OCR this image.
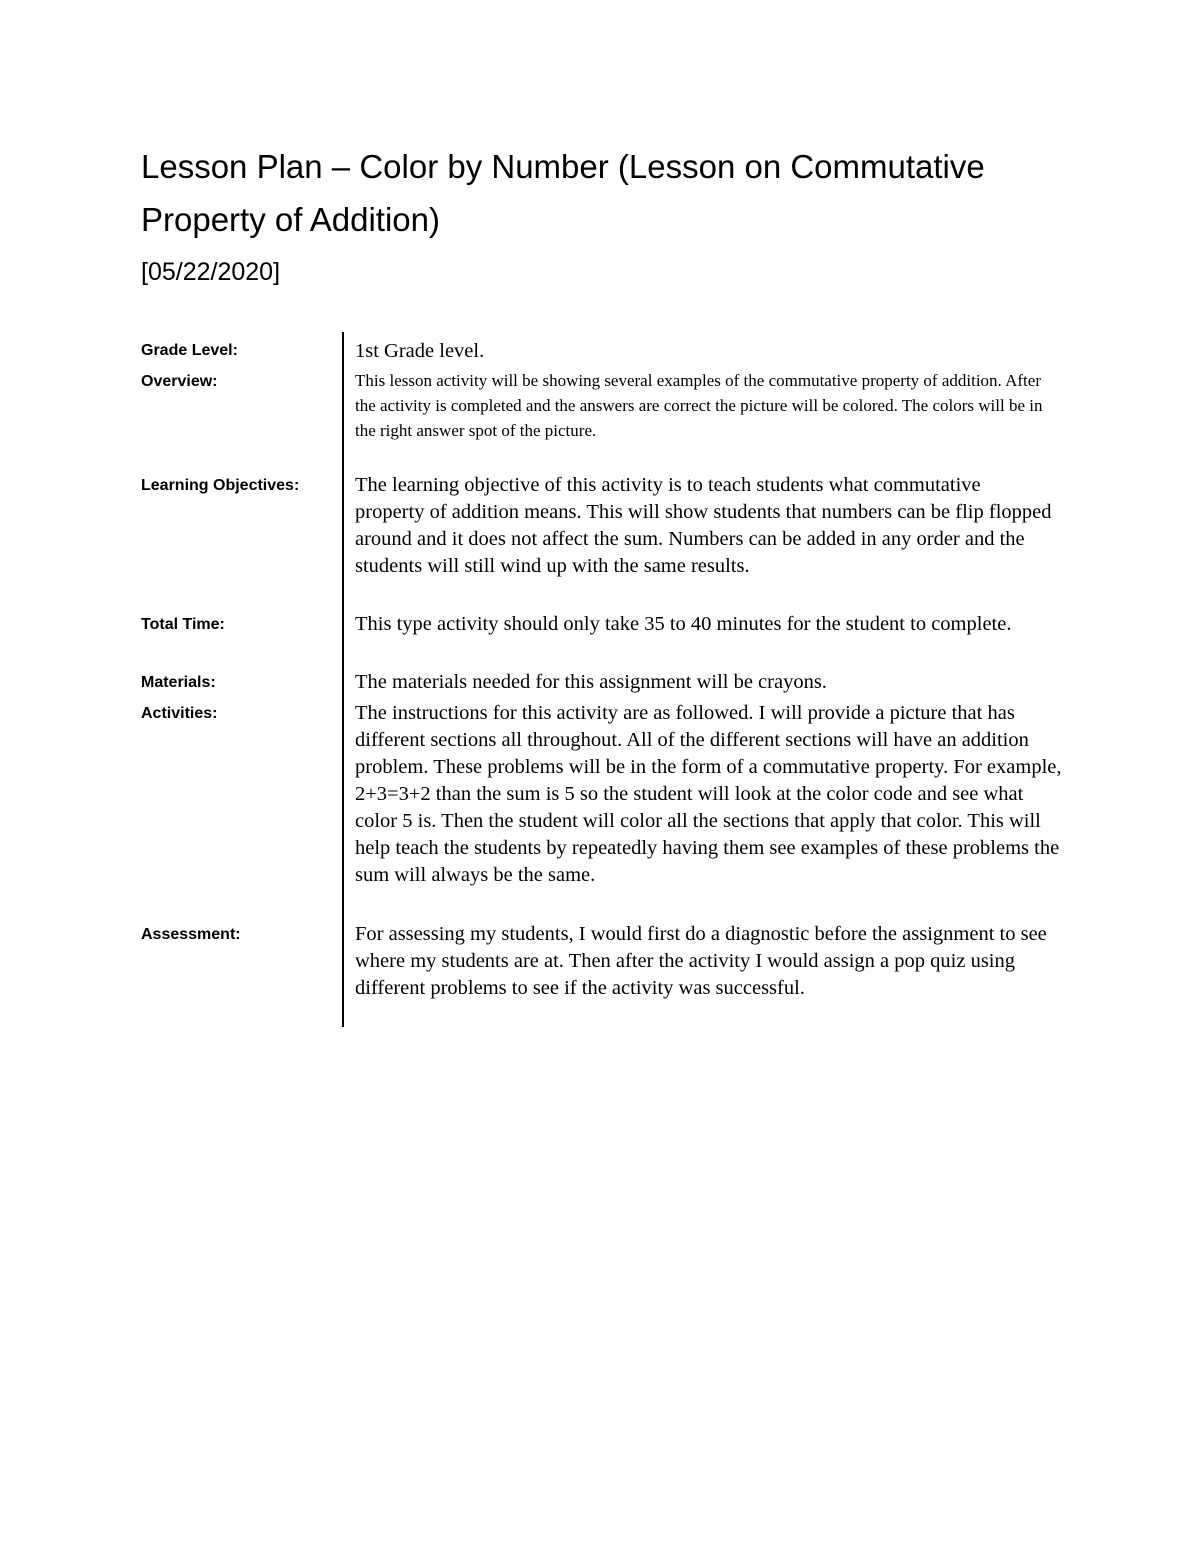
Lesson Plan – Color by Number (Lesson on Commutative Property of Addition)

[05/22/2020]

Grade Level:	1st Grade level.

Overview:	This lesson activity will be showing several examples of the commutative property of addition. After the activity is completed and the answers are correct the picture will be colored. The colors will be in the right answer spot of the picture.

Learning Objectives:	The learning objective of this activity is to teach students what commutative property of addition means. This will show students that numbers can be flip flopped around and it does not affect the sum. Numbers can be added in any order and the students will still wind up with the same results.

Total Time:	This type activity should only take 35 to 40 minutes for the student to complete.

Materials:	The materials needed for this assignment will be crayons.

Activities:	The instructions for this activity are as followed. I will provide a picture that has different sections all throughout. All of the different sections will have an addition problem. These problems will be in the form of a commutative property. For example, 2+3=3+2 than the sum is 5 so the student will look at the color code and see what color 5 is. Then the student will color all the sections that apply that color. This will help teach the students by repeatedly having them see examples of these problems the sum will always be the same.

Assessment:	For assessing my students, I would first do a diagnostic before the assignment to see where my students are at. Then after the activity I would assign a pop quiz using different problems to see if the activity was successful.
